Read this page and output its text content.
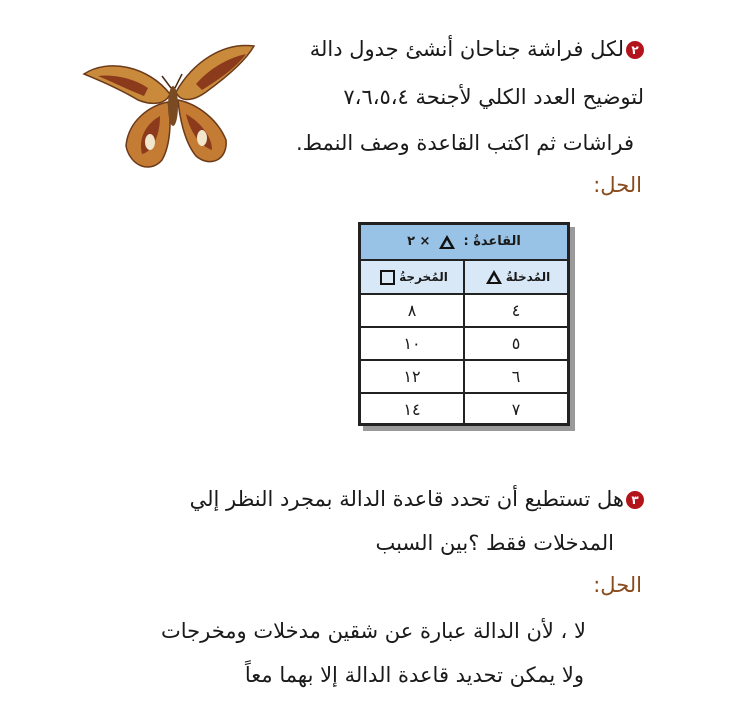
٢لكل فراشة جناحان أنشئ جدول دالة
لتوضيح العدد الكلي لأجنحة ٧،٦،٥،٤
فراشات ثم اكتب القاعدة وصف النمط.
الحل:
القاعدةُ :  × ٢
المُدخلةُ
المُخرجةُ
٤
٨
٥
١٠
٦
١٢
٧
١٤
٣هل تستطيع أن تحدد قاعدة الدالة بمجرد النظر إلي
المدخلات فقط ؟بين السبب
الحل:
لا ، لأن الدالة عبارة عن شقين مدخلات ومخرجات
ولا يمكن تحديد قاعدة الدالة إلا بهما معاً
